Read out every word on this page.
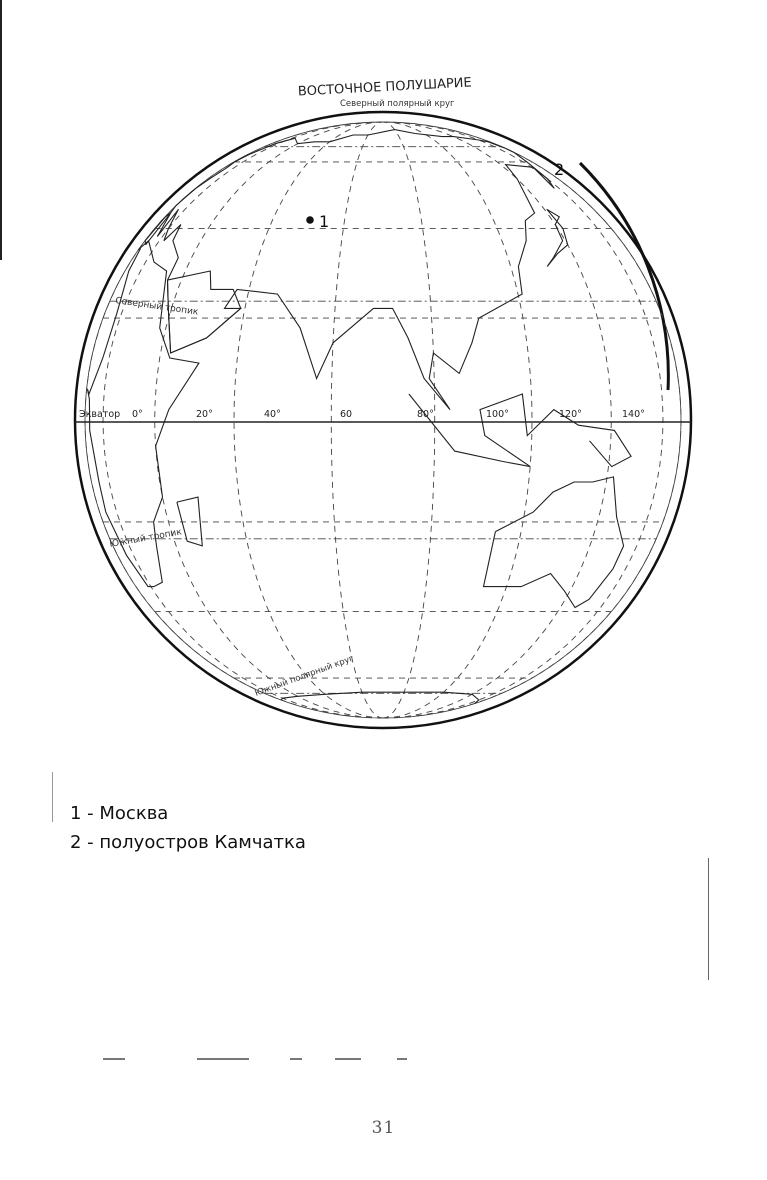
ВОСТОЧНОЕ ПОЛУШАРИЕ
Северный полярный круг
Северный тропик
Экватор
Южный тропик
Южный полярный круг
0°	20°	40°	60	80°	100°	120°	140°
1
2
1 - Москва
2 - полуостров Камчатка
31
